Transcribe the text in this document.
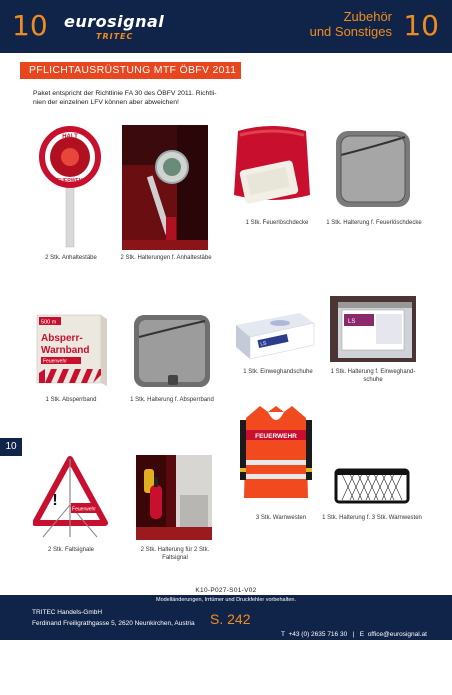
10 eurosignal
TRITEC
Zubehör
und Sonstiges 10
PFLICHTAUSRÜSTUNG MTF ÖBFV 2011
Paket entspricht der Richtlinie FA 30 des ÖBFV 2011. Richtli-
nien der einzelnen LFV können aber abweichen!
HALT
FEUERWEHR
2 Stk. Anhaltestäbe	2 Stk. Halterungen f. Anhaltestäbe
1 Stk. Feuerlöschdecke	1 Stk. Halterung f. Feuerlöschdecke
500 m
Absperr-
Warnband
Feuerwehr
1 Stk. Absperrband	1 Stk. Halterung f. Absperrband
LS
1 Stk. Einweghandschuhe
LS
1 Stk. Halterung f. Einweghand-
schuhe
10
FEUERWEHR
3 Stk. Warnwesten	1 Stk. Halterung f. 3 Stk. Warnwesten
!
Feuerwehr
2 Stk. Faltsignale	2 Stk. Halterung für 2 Stk.
Faltsignal
K10-P027-S01-V02
Modelländerungen, Irrtümer und Druckfehler vorbehalten.
TRITEC Handels-GmbH
Ferdinand Freiligrathgasse 5, 2620 Neunkirchen, Austria S. 242

T  +43 (0) 2635 716 30 | E  office@eurosignal.at

F  +43 (0) 2635 716 31 | W  www.eurosignal.at
